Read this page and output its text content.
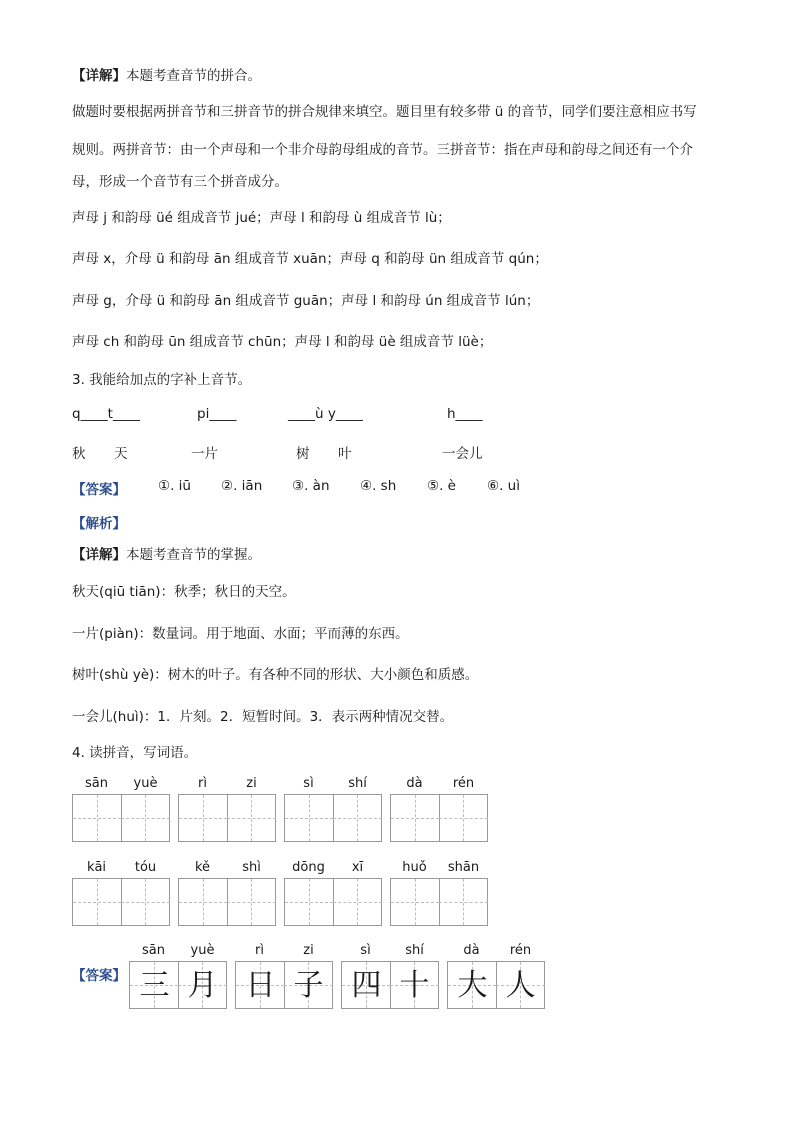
【详解】本题考查音节的拼合。
做题时要根据两拼音节和三拼音节的拼合规律来填空。题目里有较多带 ü 的音节，同学们要注意相应书写
规则。两拼音节：由一个声母和一个非介母韵母组成的音节。三拼音节：指在声母和韵母之间还有一个介
母，形成一个音节有三个拼音成分。
声母 j 和韵母 üé 组成音节 jué；声母 l 和韵母 ù 组成音节 lù；
声母 x，介母 ü 和韵母 ān 组成音节 xuān；声母 q 和韵母 ün 组成音节 qún；
声母 g，介母 ü 和韵母 ān 组成音节 guān；声母 l 和韵母 ún 组成音节 lún；
声母 ch 和韵母 ūn 组成音节 chūn；声母 l 和韵母 üè 组成音节 lüè；
3. 我能给加点的字补上音节。
q____t____	pi____	____ù y____	h____
秋 天	一片	树 叶	一会儿
【答案】 ①. iū ②. iān ③. àn ④. sh ⑤. è ⑥. uì
【解析】
【详解】本题考查音节的掌握。
秋天(qiū tiān)：秋季；秋日的天空。
一片(piàn)：数量词。用于地面、水面；平而薄的东西。
树叶(shù yè)：树木的叶子。有各种不同的形状、大小颜色和质感。
一会儿(huì)：1．片刻。2．短暂时间。3．表示两种情况交替。
4. 读拼音，写词语。
sān	yuè	rì	zi	sì	shí	dà	rén
kāi	tóu	kě	shì	dōng	xī	huǒ	shān
【答案】
sān	yuè
三 月
rì	zi
日 子
sì	shí
四 十
dà	rén
大 人
